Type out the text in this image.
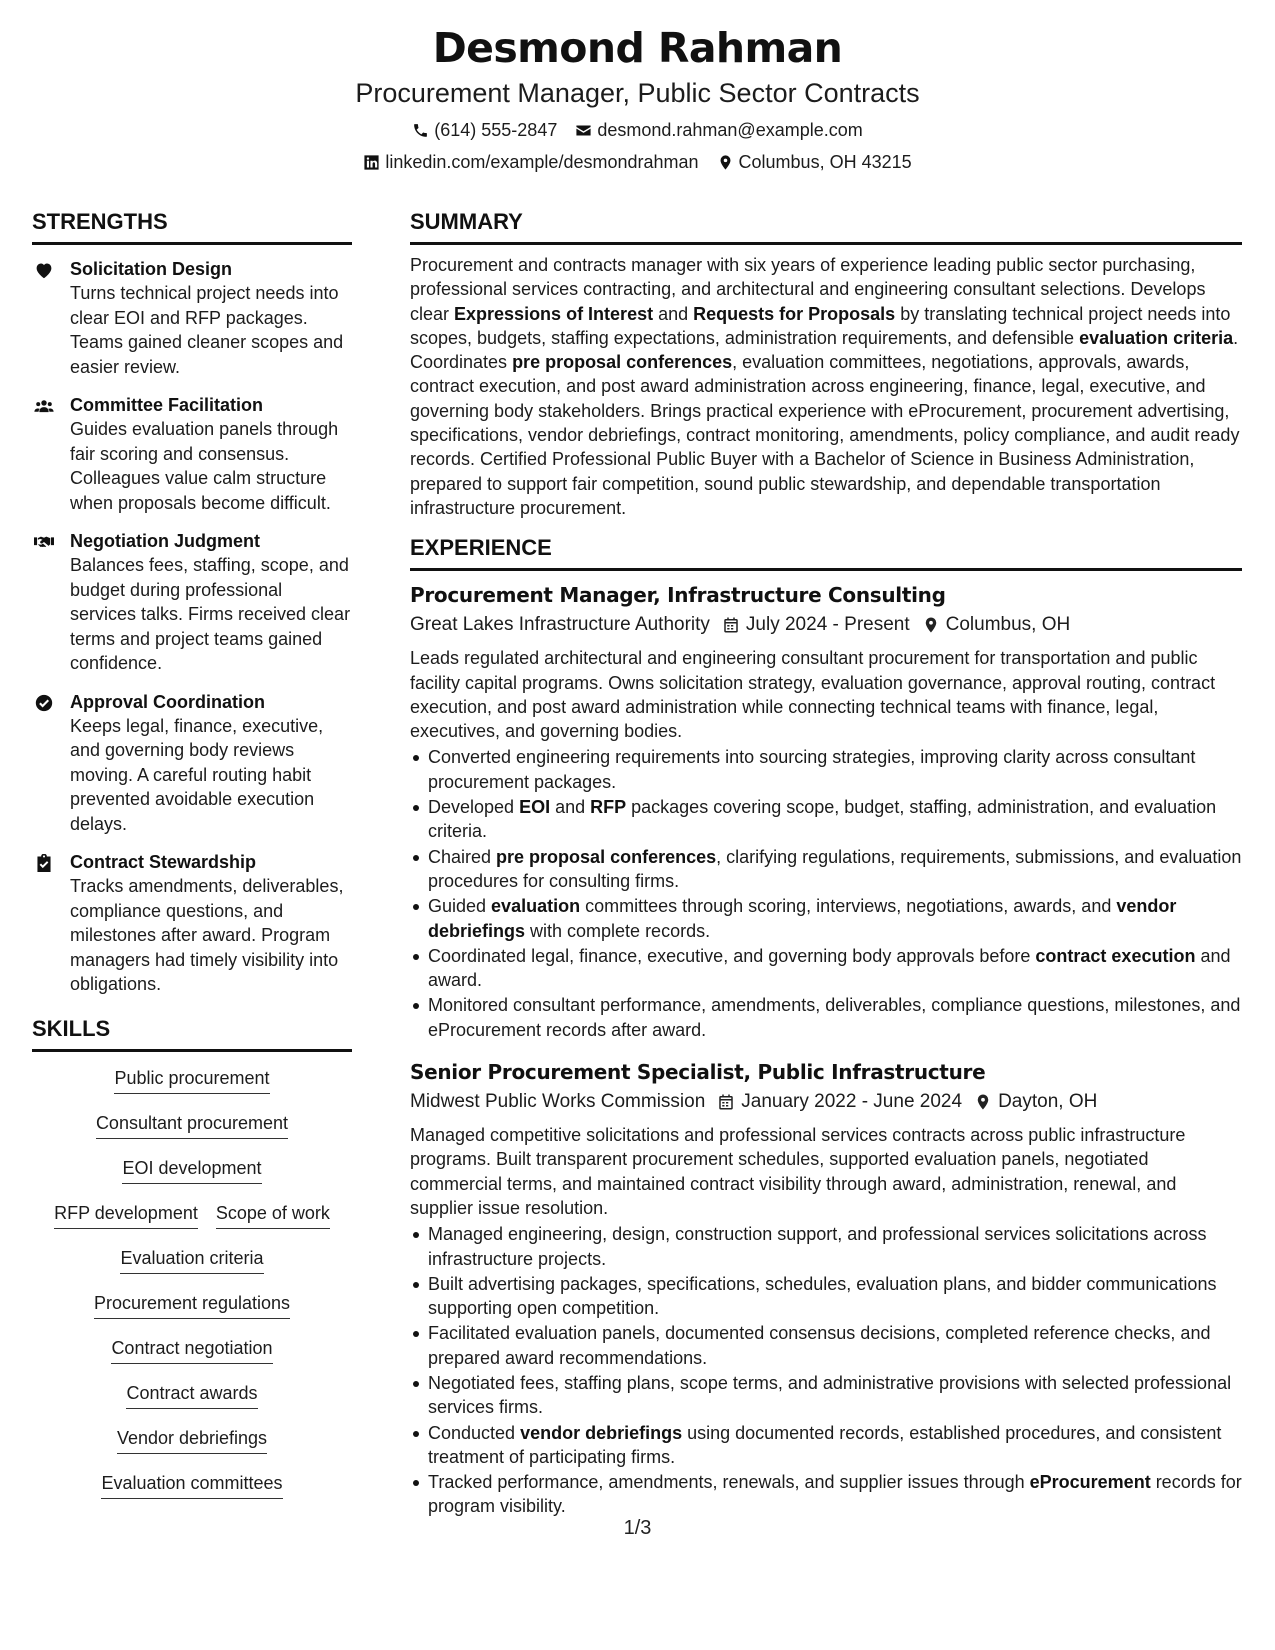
Desmond Rahman
Procurement Manager, Public Sector Contracts
(614) 555-2847 desmond.rahman@example.com
linkedin.com/example/desmondrahman Columbus, OH 43215
STRENGTHS
Solicitation Design
Turns technical project needs into clear EOI and RFP packages. Teams gained cleaner scopes and easier review.
Committee Facilitation
Guides evaluation panels through fair scoring and consensus. Colleagues value calm structure when proposals become difficult.
Negotiation Judgment
Balances fees, staffing, scope, and budget during professional services talks. Firms received clear terms and project teams gained confidence.
Approval Coordination
Keeps legal, finance, executive, and governing body reviews moving. A careful routing habit prevented avoidable execution delays.
Contract Stewardship
Tracks amendments, deliverables, compliance questions, and milestones after award. Program managers had timely visibility into obligations.
SKILLS
Public procurement
Consultant procurement
EOI development
RFP development Scope of work
Evaluation criteria
Procurement regulations
Contract negotiation
Contract awards
Vendor debriefings
Evaluation committees
SUMMARY

Procurement and contracts manager with six years of experience leading public sector purchasing, professional services contracting, and architectural and engineering consultant selections. Develops clear Expressions of Interest and Requests for Proposals by translating technical project needs into scopes, budgets, staffing expectations, administration requirements, and defensible evaluation criteria. Coordinates pre proposal conferences, evaluation committees, negotiations, approvals, awards, contract execution, and post award administration across engineering, finance, legal, executive, and governing body stakeholders. Brings practical experience with eProcurement, procurement advertising, specifications, vendor debriefings, contract monitoring, amendments, policy compliance, and audit ready records. Certified Professional Public Buyer with a Bachelor of Science in Business Administration, prepared to support fair competition, sound public stewardship, and dependable transportation infrastructure procurement.

EXPERIENCE
Procurement Manager, Infrastructure Consulting
Great Lakes Infrastructure Authority July 2024 - Present Columbus, OH
Leads regulated architectural and engineering consultant procurement for transportation and public facility capital programs. Owns solicitation strategy, evaluation governance, approval routing, contract execution, and post award administration while connecting technical teams with finance, legal, executives, and governing bodies.
Converted engineering requirements into sourcing strategies, improving clarity across consultant procurement packages.
Developed EOI and RFP packages covering scope, budget, staffing, administration, and evaluation criteria.
Chaired pre proposal conferences, clarifying regulations, requirements, submissions, and evaluation procedures for consulting firms.
Guided evaluation committees through scoring, interviews, negotiations, awards, and vendor debriefings with complete records.
Coordinated legal, finance, executive, and governing body approvals before contract execution and award.
Monitored consultant performance, amendments, deliverables, compliance questions, milestones, and eProcurement records after award.
Senior Procurement Specialist, Public Infrastructure
Midwest Public Works Commission January 2022 - June 2024 Dayton, OH
Managed competitive solicitations and professional services contracts across public infrastructure programs. Built transparent procurement schedules, supported evaluation panels, negotiated commercial terms, and maintained contract visibility through award, administration, renewal, and supplier issue resolution.
Managed engineering, design, construction support, and professional services solicitations across infrastructure projects.
Built advertising packages, specifications, schedules, evaluation plans, and bidder communications supporting open competition.
Facilitated evaluation panels, documented consensus decisions, completed reference checks, and prepared award recommendations.
Negotiated fees, staffing plans, scope terms, and administrative provisions with selected professional services firms.
Conducted vendor debriefings using documented records, established procedures, and consistent treatment of participating firms.
Tracked performance, amendments, renewals, and supplier issues through eProcurement records for program visibility.
1/3
